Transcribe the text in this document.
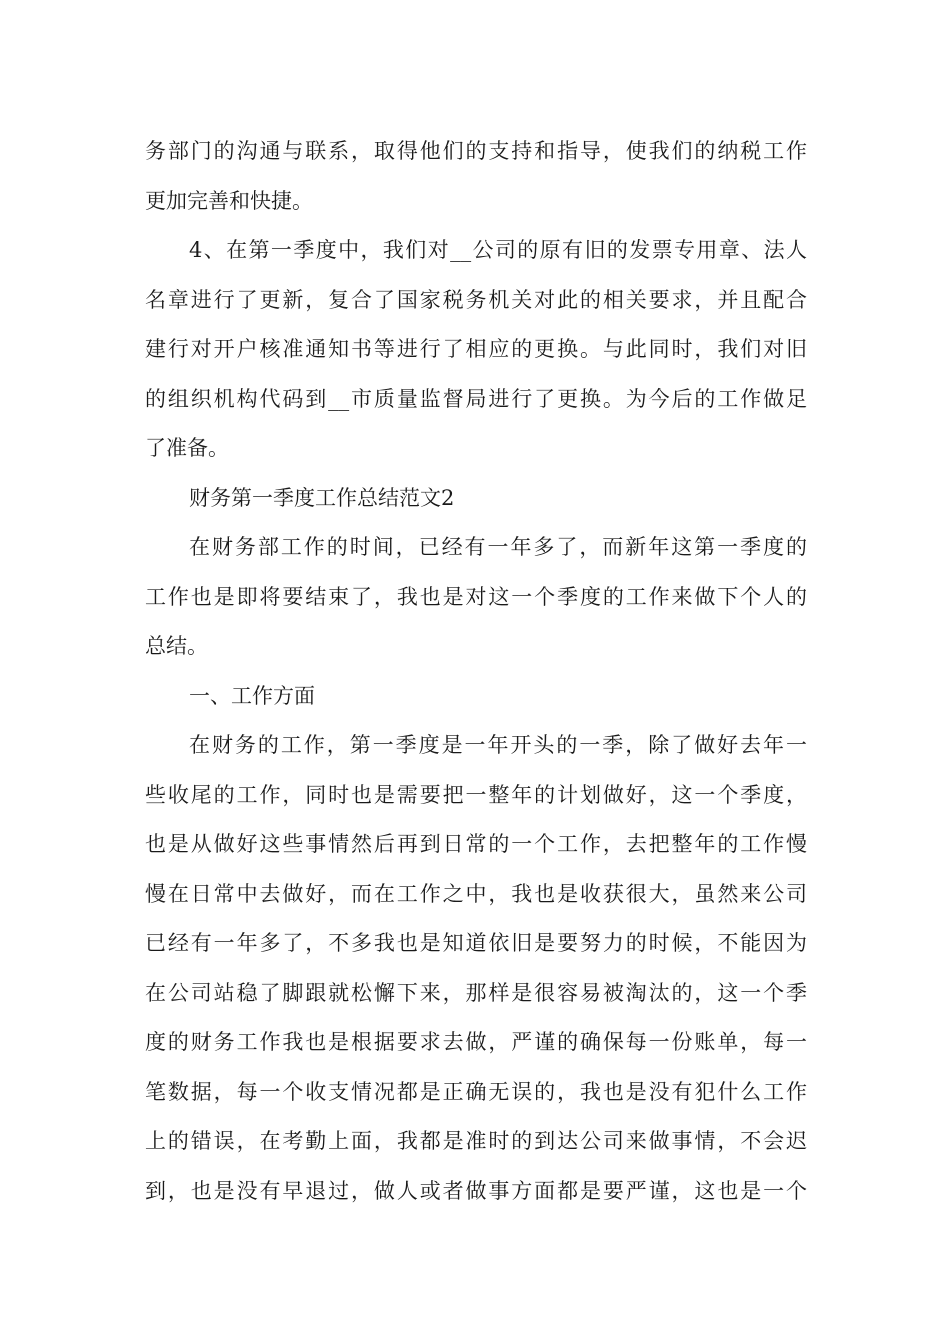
务部门的沟通与联系，取得他们的支持和指导，使我们的纳税工作
更加完善和快捷。
4、在第一季度中，我们对__公司的原有旧的发票专用章、法人
名章进行了更新，复合了国家税务机关对此的相关要求，并且配合
建行对开户核准通知书等进行了相应的更换。与此同时，我们对旧
的组织机构代码到__市质量监督局进行了更换。为今后的工作做足
了准备。
财务第一季度工作总结范文2
在财务部工作的时间，已经有一年多了，而新年这第一季度的
工作也是即将要结束了，我也是对这一个季度的工作来做下个人的
总结。
一、工作方面
在财务的工作，第一季度是一年开头的一季，除了做好去年一
些收尾的工作，同时也是需要把一整年的计划做好，这一个季度，
也是从做好这些事情然后再到日常的一个工作，去把整年的工作慢
慢在日常中去做好，而在工作之中，我也是收获很大，虽然来公司
已经有一年多了，不多我也是知道依旧是要努力的时候，不能因为
在公司站稳了脚跟就松懈下来，那样是很容易被淘汰的，这一个季
度的财务工作我也是根据要求去做，严谨的确保每一份账单，每一
笔数据，每一个收支情况都是正确无误的，我也是没有犯什么工作
上的错误，在考勤上面，我都是准时的到达公司来做事情，不会迟
到，也是没有早退过，做人或者做事方面都是要严谨，这也是一个
